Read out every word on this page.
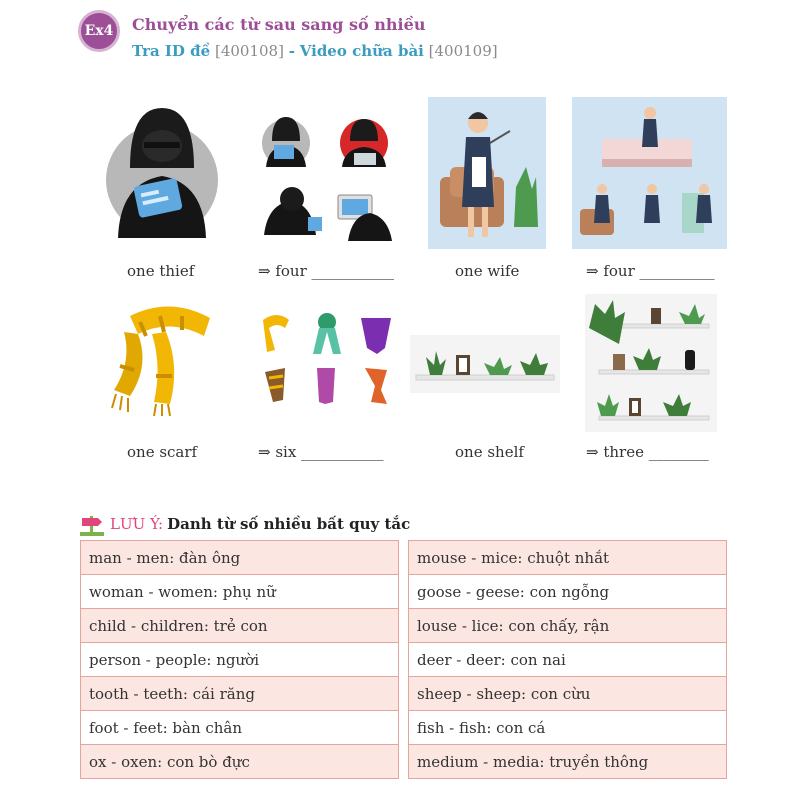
Ex4	Chuyển các từ sau sang số nhiều
Tra ID đề [400108] - Video chữa bài [400109]
one thief	⇒ four ___________	one wife	⇒ four __________
one scarf	⇒ six ___________	one shelf	⇒ three ________
LƯU Ý: Danh từ số nhiều bất quy tắc
man - men: đàn ông
woman - women: phụ nữ
child - children: trẻ con
person - people: người
tooth - teeth: cái răng
foot - feet: bàn chân
ox - oxen: con bò đực
mouse - mice: chuột nhắt
goose - geese: con ngỗng
louse - lice: con chấy, rận
deer - deer: con nai
sheep - sheep: con cừu
fish - fish: con cá
medium - media: truyền thông
